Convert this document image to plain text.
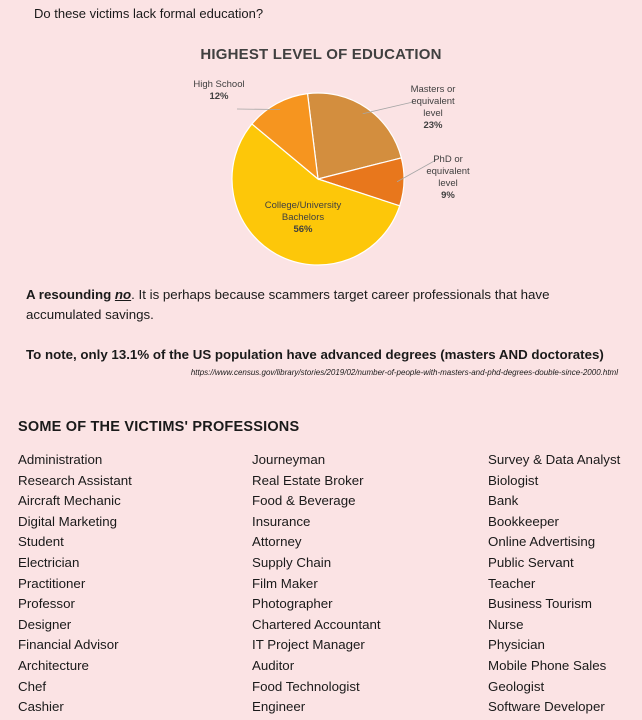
Do these victims lack formal education?
HIGHEST LEVEL OF EDUCATION
Masters or equivalent level 23%
PhD or equivalent level 9%
College/University Bachelors 56%
High School 12%
A resounding no. It is perhaps because scammers target career professionals that have accumulated savings.
To note, only 13.1% of the US population have advanced degrees (masters AND doctorates)
https://www.census.gov/library/stories/2019/02/number-of-people-with-masters-and-phd-degrees-double-since-2000.html
SOME OF THE VICTIMS' PROFESSIONS
Administration
Research Assistant
Aircraft Mechanic
Digital Marketing
Student
Electrician
Practitioner
Professor
Designer
Financial Advisor
Architecture
Chef
Cashier
Journeyman
Real Estate Broker
Food & Beverage
Insurance
Attorney
Supply Chain
Film Maker
Photographer
Chartered Accountant
IT Project Manager
Auditor
Food Technologist
Engineer
Survey & Data Analyst
Biologist
Bank
Bookkeeper
Online Advertising
Public Servant
Teacher
Business Tourism
Nurse
Physician
Mobile Phone Sales
Geologist
Software Developer
